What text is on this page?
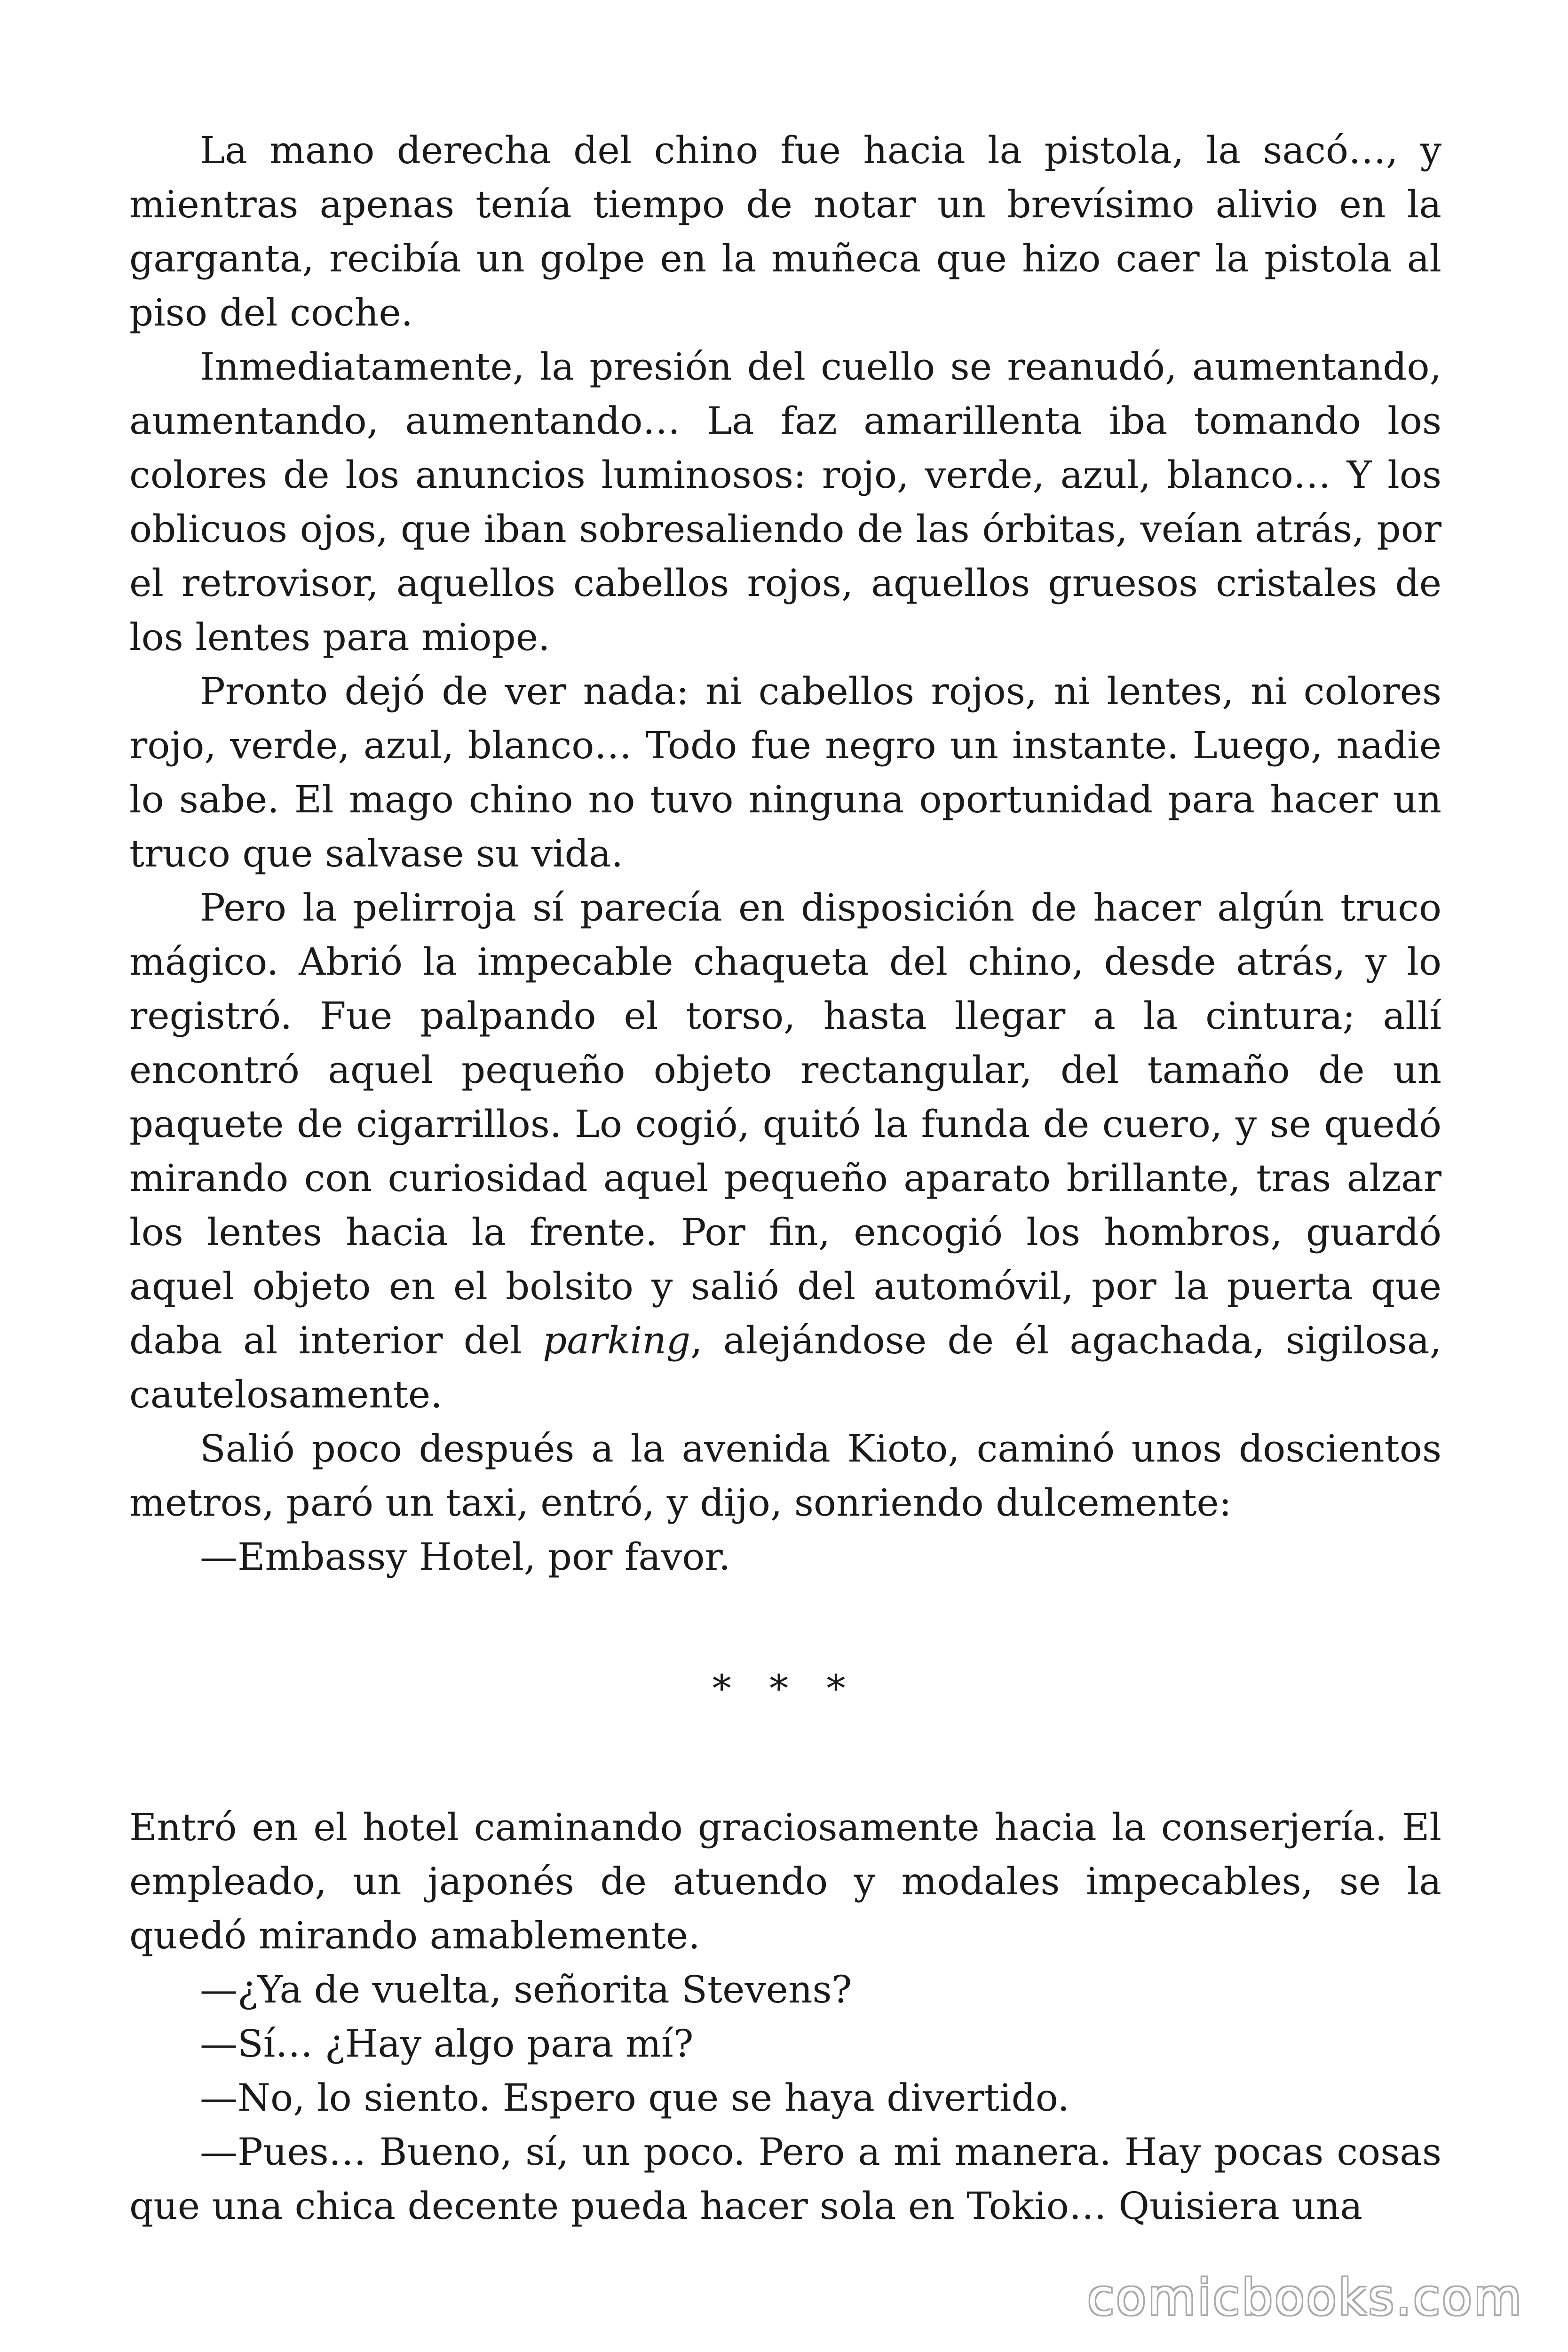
La mano derecha del chino fue hacia la pistola, la sacó…, y mientras apenas tenía tiempo de notar un brevísimo alivio en la garganta, recibía un golpe en la muñeca que hizo caer la pistola al piso del coche.

Inmediatamente, la presión del cuello se reanudó, aumentando, aumentando, aumentando… La faz amarillenta iba tomando los colores de los anuncios luminosos: rojo, verde, azul, blanco… Y los oblicuos ojos, que iban sobresaliendo de las órbitas, veían atrás, por el retrovisor, aquellos cabellos rojos, aquellos gruesos cristales de los lentes para miope.

Pronto dejó de ver nada: ni cabellos rojos, ni lentes, ni colores rojo, verde, azul, blanco… Todo fue negro un instante. Luego, nadie lo sabe. El mago chino no tuvo ninguna oportunidad para hacer un truco que salvase su vida.

Pero la pelirroja sí parecía en disposición de hacer algún truco mágico. Abrió la impecable chaqueta del chino, desde atrás, y lo registró. Fue palpando el torso, hasta llegar a la cintura; allí encontró aquel pequeño objeto rectangular, del tamaño de un paquete de cigarrillos. Lo cogió, quitó la funda de cuero, y se quedó mirando con curiosidad aquel pequeño aparato brillante, tras alzar los lentes hacia la frente. Por fin, encogió los hombros, guardó aquel objeto en el bolsito y salió del automóvil, por la puerta que daba al interior del parking, alejándose de él agachada, sigilosa, cautelosamente.

Salió poco después a la avenida Kioto, caminó unos doscientos metros, paró un taxi, entró, y dijo, sonriendo dulcemente:

—Embassy Hotel, por favor.

* * *

Entró en el hotel caminando graciosamente hacia la conserjería. El empleado, un japonés de atuendo y modales impecables, se la quedó mirando amablemente.

—¿Ya de vuelta, señorita Stevens?

—Sí… ¿Hay algo para mí?

—No, lo siento. Espero que se haya divertido.

—Pues… Bueno, sí, un poco. Pero a mi manera. Hay pocas cosas que una chica decente pueda hacer sola en Tokio… Quisiera una

comicbooks.com
